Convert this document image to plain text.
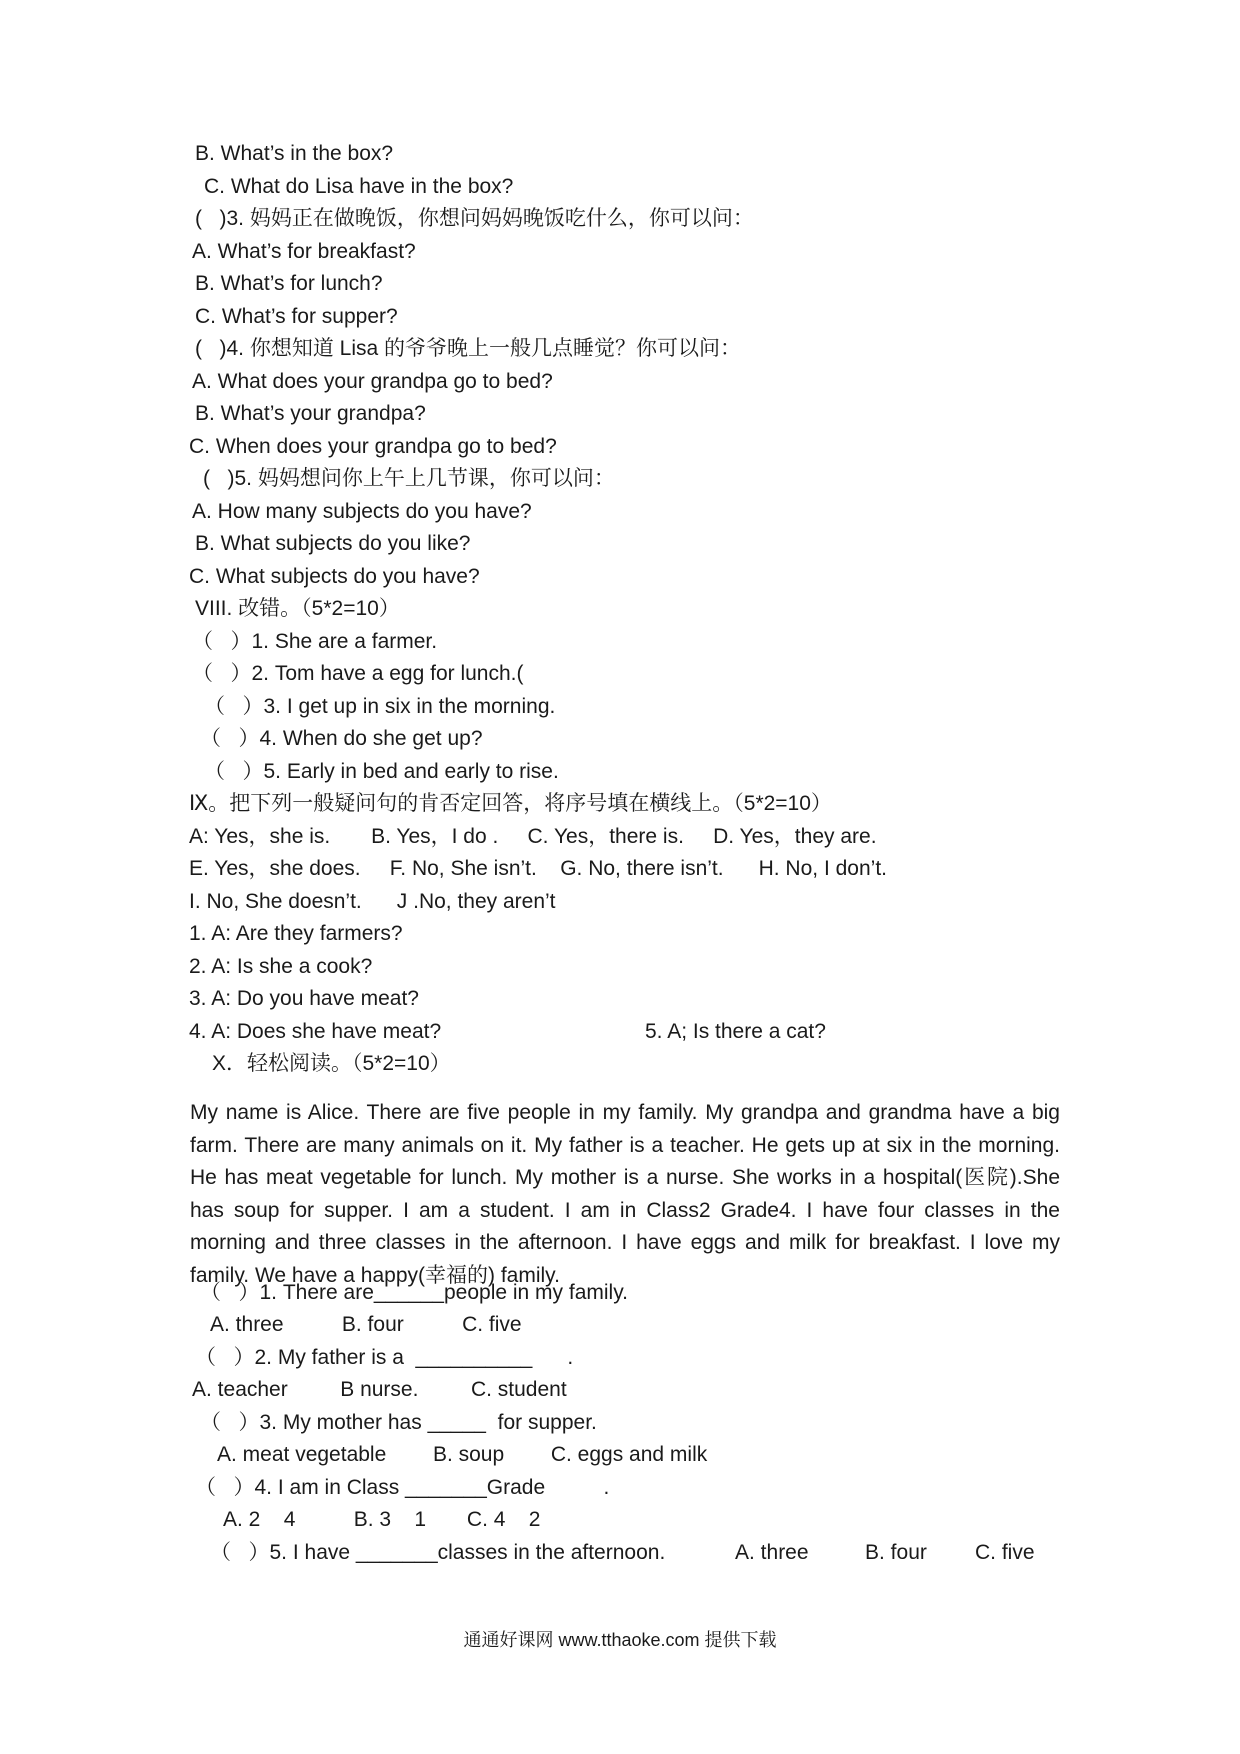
B. What’s in the box?
C. What do Lisa have in the box?
(   )3. 妈妈正在做晚饭，你想问妈妈晚饭吃什么，你可以问：
A. What’s for breakfast?
B. What’s for lunch?
C. What’s for supper?
(   )4. 你想知道 Lisa 的爷爷晚上一般几点睡觉？你可以问：
A. What does your grandpa go to bed?
B. What’s your grandpa?
C. When does your grandpa go to bed?
(   )5. 妈妈想问你上午上几节课，你可以问：
A. How many subjects do you have?
B. What subjects do you like?
C. What subjects do you have?
VIII. 改错。（5*2=10）
（   ）1. She are a farmer.
（   ）2. Tom have a egg for lunch.(
（   ）3. I get up in six in the morning.
（   ）4. When do she get up?
（   ）5. Early in bed and early to rise.
Ⅸ。把下列一般疑问句的肯否定回答，将序号填在横线上。（5*2=10）
A: Yes，she is.       B. Yes，I do .     C. Yes，there is.     D. Yes，they are.
E. Yes，she does.     F. No, She isn’t.    G. No, there isn’t.      H. No, I don’t.
I. No, She doesn’t.      J .No, they aren’t
1. A: Are they farmers?
2. A: Is she a cook?
3. A: Do you have meat?
4. A: Does she have meat?	5. A; Is there a cat?
X．轻松阅读。（5*2=10）
（   ）1. There are______people in my family.
A. three          B. four          C. five
（   ）2. My father is a  __________      .
A. teacher         B nurse.         C. student
（   ）3. My mother has _____  for supper.
A. meat vegetable        B. soup        C. eggs and milk
（   ）4. I am in Class _______Grade          .
A. 2    4          B. 3    1       C. 4    2
（   ）5. I have _______classes in the afternoon.	A. three	B. four C. five
My name is Alice. There are five people in my family. My grandpa and grandma have a big farm. There are many animals on it. My father is a teacher. He gets up at six in the morning. He has meat vegetable for lunch. My mother is a nurse. She works in a hospital(医院).She has soup for supper. I am a student. I am in Class2 Grade4. I have four classes in the morning and three classes in the afternoon. I have eggs and milk for breakfast. I love my family. We have a happy(幸福的) family.
通通好课网 www.tthaoke.com 提供下载
